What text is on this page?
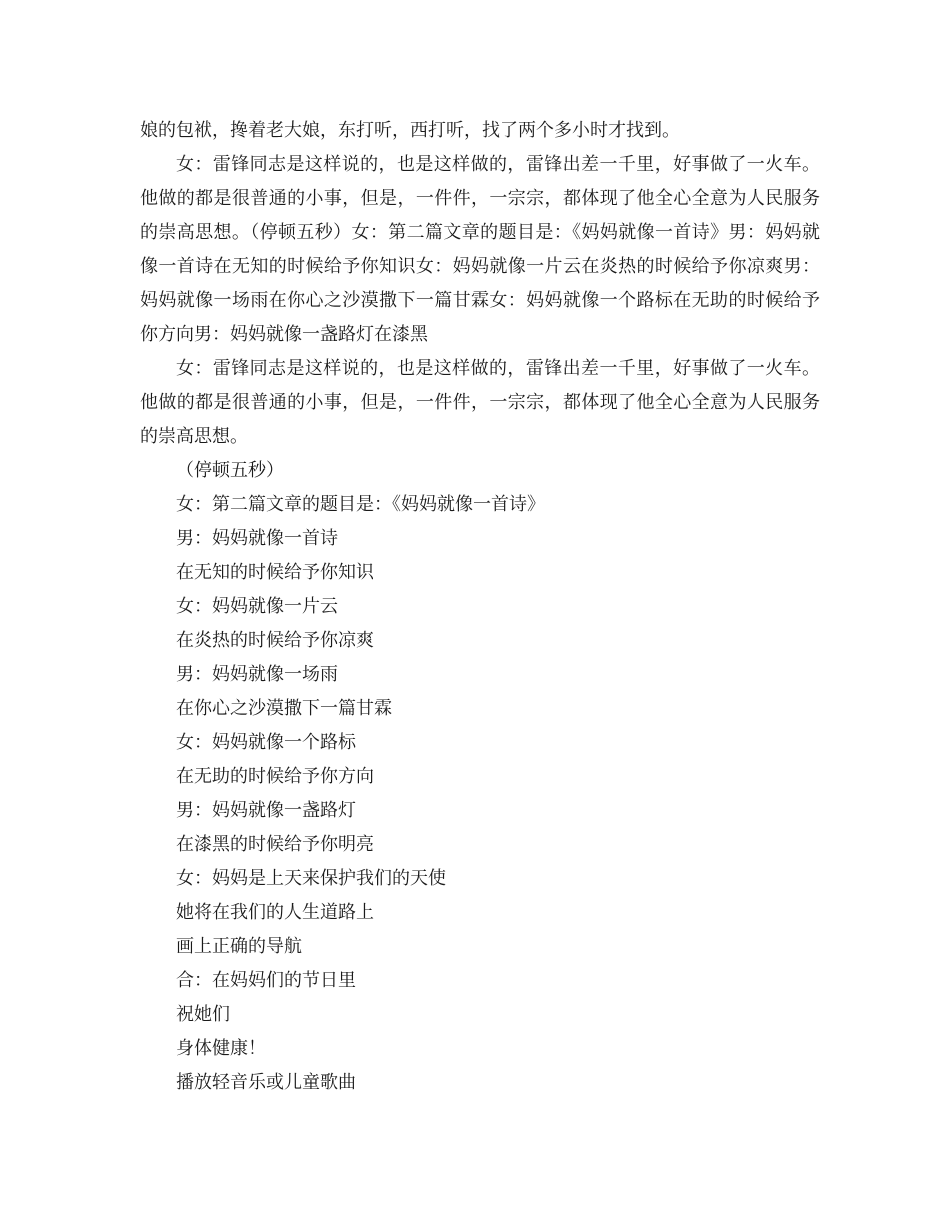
娘的包袱，搀着老大娘，东打听，西打听，找了两个多小时才找到。

女：雷锋同志是这样说的，也是这样做的，雷锋出差一千里，好事做了一火车。他做的都是很普通的小事，但是，一件件，一宗宗，都体现了他全心全意为人民服务的崇高思想。（停顿五秒）女：第二篇文章的题目是：《妈妈就像一首诗》男：妈妈就像一首诗在无知的时候给予你知识女：妈妈就像一片云在炎热的时候给予你凉爽男：妈妈就像一场雨在你心之沙漠撒下一篇甘霖女：妈妈就像一个路标在无助的时候给予你方向男：妈妈就像一盏路灯在漆黑

女：雷锋同志是这样说的，也是这样做的，雷锋出差一千里，好事做了一火车。他做的都是很普通的小事，但是，一件件，一宗宗，都体现了他全心全意为人民服务的崇高思想。

（停顿五秒）

女：第二篇文章的题目是：《妈妈就像一首诗》

男：妈妈就像一首诗

在无知的时候给予你知识

女：妈妈就像一片云

在炎热的时候给予你凉爽

男：妈妈就像一场雨

在你心之沙漠撒下一篇甘霖

女：妈妈就像一个路标

在无助的时候给予你方向

男：妈妈就像一盏路灯

在漆黑的时候给予你明亮

女：妈妈是上天来保护我们的天使

她将在我们的人生道路上

画上正确的导航

合：在妈妈们的节日里

祝她们

身体健康！

播放轻音乐或儿童歌曲
